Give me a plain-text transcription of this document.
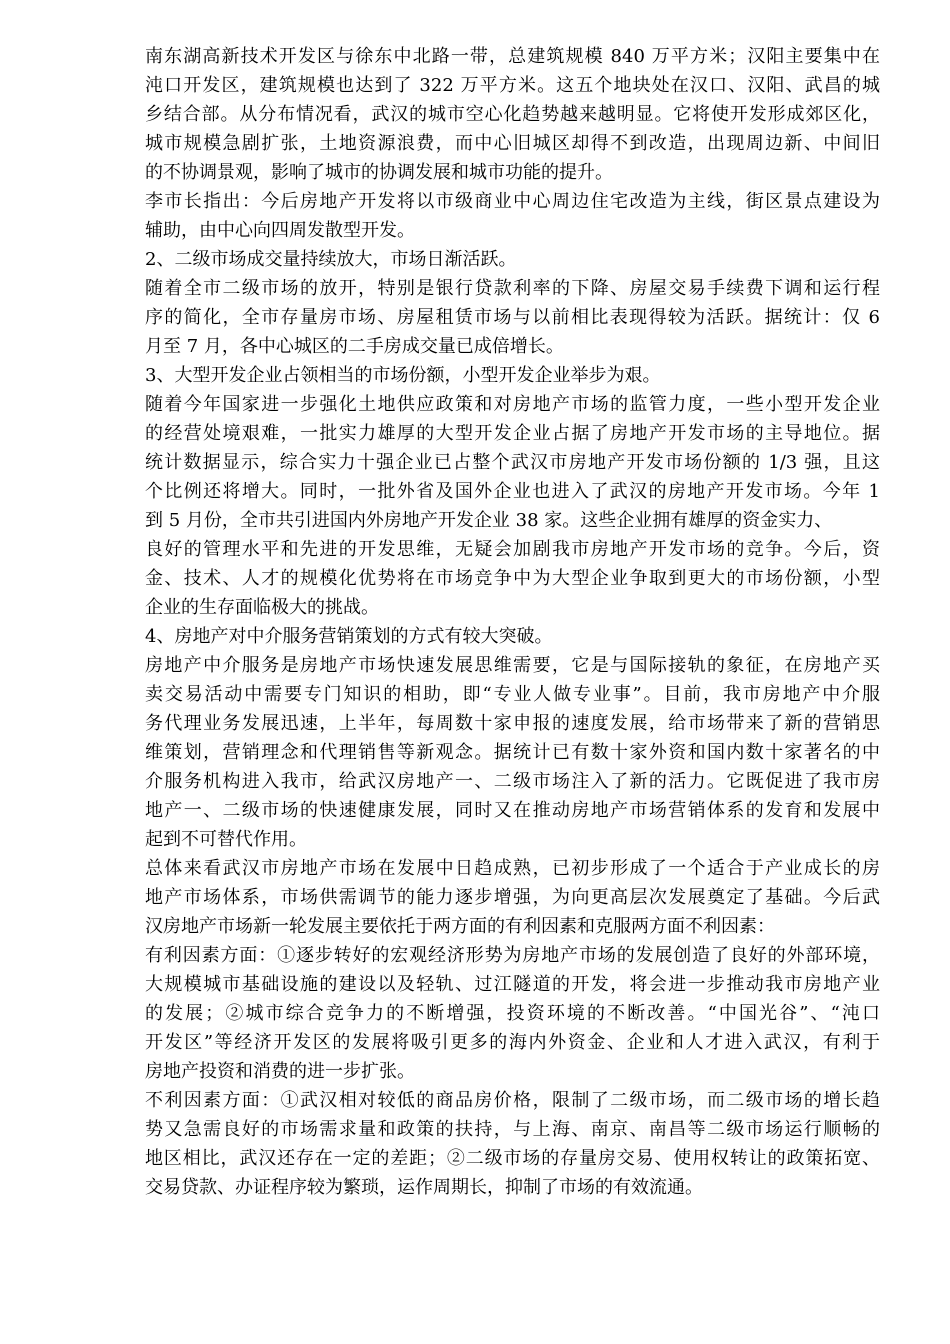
南东湖高新技术开发区与徐东中北路一带，总建筑规模 840 万平方米；汉阳主要集中在
沌口开发区，建筑规模也达到了 322 万平方米。这五个地块处在汉口、汉阳、武昌的城
乡结合部。从分布情况看，武汉的城市空心化趋势越来越明显。它将使开发形成郊区化，
城市规模急剧扩张，土地资源浪费，而中心旧城区却得不到改造，出现周边新、中间旧
的不协调景观，影响了城市的协调发展和城市功能的提升。
李市长指出：今后房地产开发将以市级商业中心周边住宅改造为主线，街区景点建设为
辅助，由中心向四周发散型开发。
2、二级市场成交量持续放大，市场日渐活跃。
随着全市二级市场的放开，特别是银行贷款利率的下降、房屋交易手续费下调和运行程
序的简化，全市存量房市场、房屋租赁市场与以前相比表现得较为活跃。据统计：仅 6
月至 7 月，各中心城区的二手房成交量已成倍增长。
3、大型开发企业占领相当的市场份额，小型开发企业举步为艰。
随着今年国家进一步强化土地供应政策和对房地产市场的监管力度，一些小型开发企业
的经营处境艰难，一批实力雄厚的大型开发企业占据了房地产开发市场的主导地位。据
统计数据显示，综合实力十强企业已占整个武汉市房地产开发市场份额的 1/3 强，且这
个比例还将增大。同时，一批外省及国外企业也进入了武汉的房地产开发市场。今年 1
到 5 月份，全市共引进国内外房地产开发企业 38 家。这些企业拥有雄厚的资金实力、
良好的管理水平和先进的开发思维，无疑会加剧我市房地产开发市场的竞争。今后，资
金、技术、人才的规模化优势将在市场竞争中为大型企业争取到更大的市场份额，小型
企业的生存面临极大的挑战。
4、房地产对中介服务营销策划的方式有较大突破。
房地产中介服务是房地产市场快速发展思维需要，它是与国际接轨的象征，在房地产买
卖交易活动中需要专门知识的相助，即“专业人做专业事”。目前，我市房地产中介服
务代理业务发展迅速，上半年，每周数十家申报的速度发展，给市场带来了新的营销思
维策划，营销理念和代理销售等新观念。据统计已有数十家外资和国内数十家著名的中
介服务机构进入我市，给武汉房地产一、二级市场注入了新的活力。它既促进了我市房
地产一、二级市场的快速健康发展，同时又在推动房地产市场营销体系的发育和发展中
起到不可替代作用。
总体来看武汉市房地产市场在发展中日趋成熟，已初步形成了一个适合于产业成长的房
地产市场体系，市场供需调节的能力逐步增强，为向更高层次发展奠定了基础。今后武
汉房地产市场新一轮发展主要依托于两方面的有利因素和克服两方面不利因素：
有利因素方面：①逐步转好的宏观经济形势为房地产市场的发展创造了良好的外部环境，
大规模城市基础设施的建设以及轻轨、过江隧道的开发，将会进一步推动我市房地产业
的发展；②城市综合竞争力的不断增强，投资环境的不断改善。“中国光谷”、“沌口
开发区”等经济开发区的发展将吸引更多的海内外资金、企业和人才进入武汉，有利于
房地产投资和消费的进一步扩张。
不利因素方面：①武汉相对较低的商品房价格，限制了二级市场，而二级市场的增长趋
势又急需良好的市场需求量和政策的扶持，与上海、南京、南昌等二级市场运行顺畅的
地区相比，武汉还存在一定的差距；②二级市场的存量房交易、使用权转让的政策拓宽、
交易贷款、办证程序较为繁琐，运作周期长，抑制了市场的有效流通。
